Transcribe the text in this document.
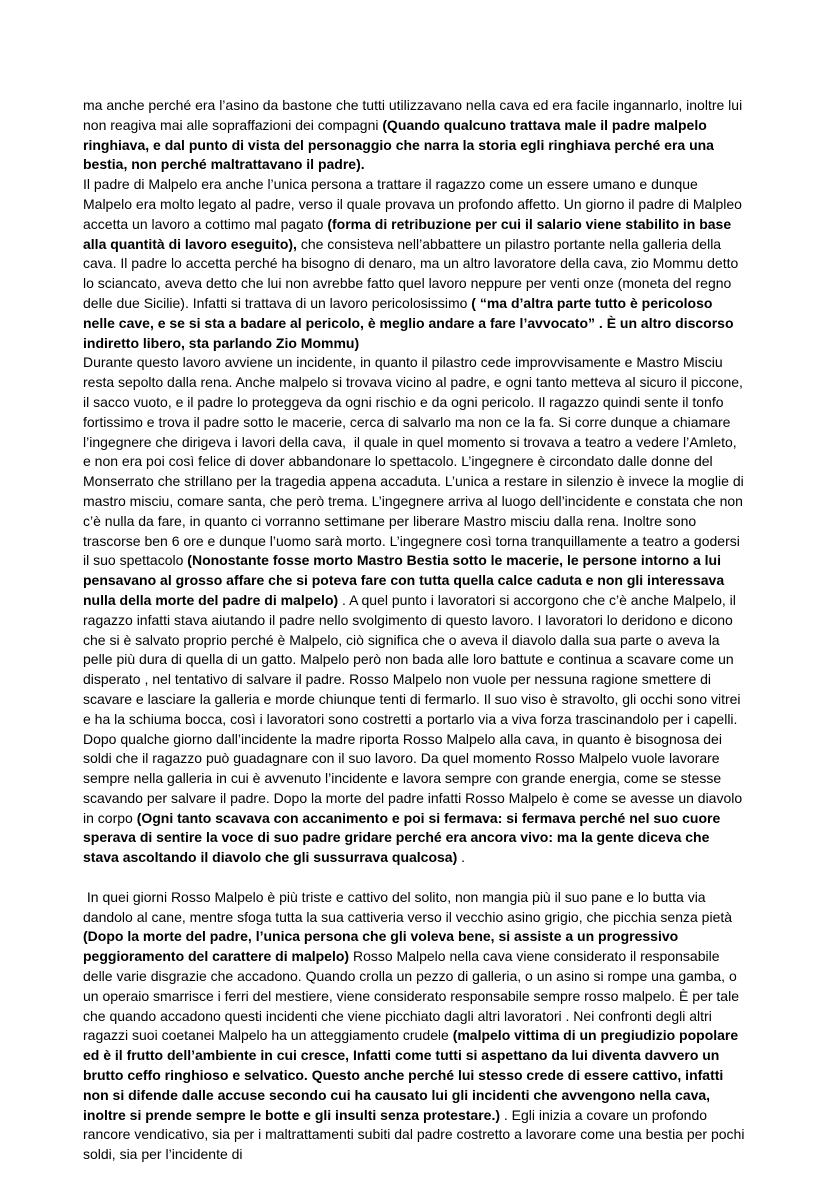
ma anche perché era l’asino da bastone che tutti utilizzavano nella cava ed era facile ingannarlo, inoltre lui non reagiva mai alle sopraffazioni dei compagni (Quando qualcuno trattava male il padre malpelo ringhiava, e dal punto di vista del personaggio che narra la storia egli ringhiava perché era una bestia, non perché maltrattavano il padre).

Il padre di Malpelo era anche l’unica persona a trattare il ragazzo come un essere umano e dunque Malpelo era molto legato al padre, verso il quale provava un profondo affetto. Un giorno il padre di Malpleo accetta un lavoro a cottimo mal pagato (forma di retribuzione per cui il salario viene stabilito in base alla quantità di lavoro eseguito), che consisteva nell’abbattere un pilastro portante nella galleria della cava. Il padre lo accetta perché ha bisogno di denaro, ma un altro lavoratore della cava, zio Mommu detto lo sciancato, aveva detto che lui non avrebbe fatto quel lavoro neppure per venti onze (moneta del regno delle due Sicilie). Infatti si trattava di un lavoro pericolosissimo ( “ma d’altra parte tutto è pericoloso nelle cave, e se si sta a badare al pericolo, è meglio andare a fare l’avvocato” . È un altro discorso indiretto libero, sta parlando Zio Mommu)

Durante questo lavoro avviene un incidente, in quanto il pilastro cede improvvisamente e Mastro Misciu resta sepolto dalla rena. Anche malpelo si trovava vicino al padre, e ogni tanto metteva al sicuro il piccone, il sacco vuoto, e il padre lo proteggeva da ogni rischio e da ogni pericolo. Il ragazzo quindi sente il tonfo fortissimo e trova il padre sotto le macerie, cerca di salvarlo ma non ce la fa. Si corre dunque a chiamare l’ingegnere che dirigeva i lavori della cava,  il quale in quel momento si trovava a teatro a vedere l’Amleto, e non era poi così felice di dover abbandonare lo spettacolo. L’ingegnere è circondato dalle donne del Monserrato che strillano per la tragedia appena accaduta. L’unica a restare in silenzio è invece la moglie di mastro misciu, comare santa, che però trema. L’ingegnere arriva al luogo dell’incidente e constata che non c’è nulla da fare, in quanto ci vorranno settimane per liberare Mastro misciu dalla rena. Inoltre sono trascorse ben 6 ore e dunque l’uomo sarà morto. L’ingegnere così torna tranquillamente a teatro a godersi il suo spettacolo (Nonostante fosse morto Mastro Bestia sotto le macerie, le persone intorno a lui pensavano al grosso affare che si poteva fare con tutta quella calce caduta e non gli interessava nulla della morte del padre di malpelo) . A quel punto i lavoratori si accorgono che c’è anche Malpelo, il ragazzo infatti stava aiutando il padre nello svolgimento di questo lavoro. I lavoratori lo deridono e dicono che si è salvato proprio perché è Malpelo, ciò significa che o aveva il diavolo dalla sua parte o aveva la pelle più dura di quella di un gatto. Malpelo però non bada alle loro battute e continua a scavare come un disperato , nel tentativo di salvare il padre. Rosso Malpelo non vuole per nessuna ragione smettere di scavare e lasciare la galleria e morde chiunque tenti di fermarlo. Il suo viso è stravolto, gli occhi sono vitrei e ha la schiuma bocca, così i lavoratori sono costretti a portarlo via a viva forza trascinandolo per i capelli.

Dopo qualche giorno dall’incidente la madre riporta Rosso Malpelo alla cava, in quanto è bisognosa dei soldi che il ragazzo può guadagnare con il suo lavoro. Da quel momento Rosso Malpelo vuole lavorare sempre nella galleria in cui è avvenuto l’incidente e lavora sempre con grande energia, come se stesse scavando per salvare il padre. Dopo la morte del padre infatti Rosso Malpelo è come se avesse un diavolo in corpo (Ogni tanto scavava con accanimento e poi si fermava: si fermava perché nel suo cuore sperava di sentire la voce di suo padre gridare perché era ancora vivo: ma la gente diceva che stava ascoltando il diavolo che gli sussurrava qualcosa) .

In quei giorni Rosso Malpelo è più triste e cattivo del solito, non mangia più il suo pane e lo butta via dandolo al cane, mentre sfoga tutta la sua cattiveria verso il vecchio asino grigio, che picchia senza pietà (Dopo la morte del padre, l’unica persona che gli voleva bene, si assiste a un progressivo peggioramento del carattere di malpelo) Rosso Malpelo nella cava viene considerato il responsabile delle varie disgrazie che accadono. Quando crolla un pezzo di galleria, o un asino si rompe una gamba, o un operaio smarrisce i ferri del mestiere, viene considerato responsabile sempre rosso malpelo. È per tale che quando accadono questi incidenti che viene picchiato dagli altri lavoratori . Nei confronti degli altri ragazzi suoi coetanei Malpelo ha un atteggiamento crudele (malpelo vittima di un pregiudizio popolare ed è il frutto dell’ambiente in cui cresce, Infatti come tutti si aspettano da lui diventa davvero un brutto ceffo ringhioso e selvatico. Questo anche perché lui stesso crede di essere cattivo, infatti non si difende dalle accuse secondo cui ha causato lui gli incidenti che avvengono nella cava, inoltre si prende sempre le botte e gli insulti senza protestare.) . Egli inizia a covare un profondo rancore vendicativo, sia per i maltrattamenti subiti dal padre costretto a lavorare come una bestia per pochi soldi, sia per l’incidente di
